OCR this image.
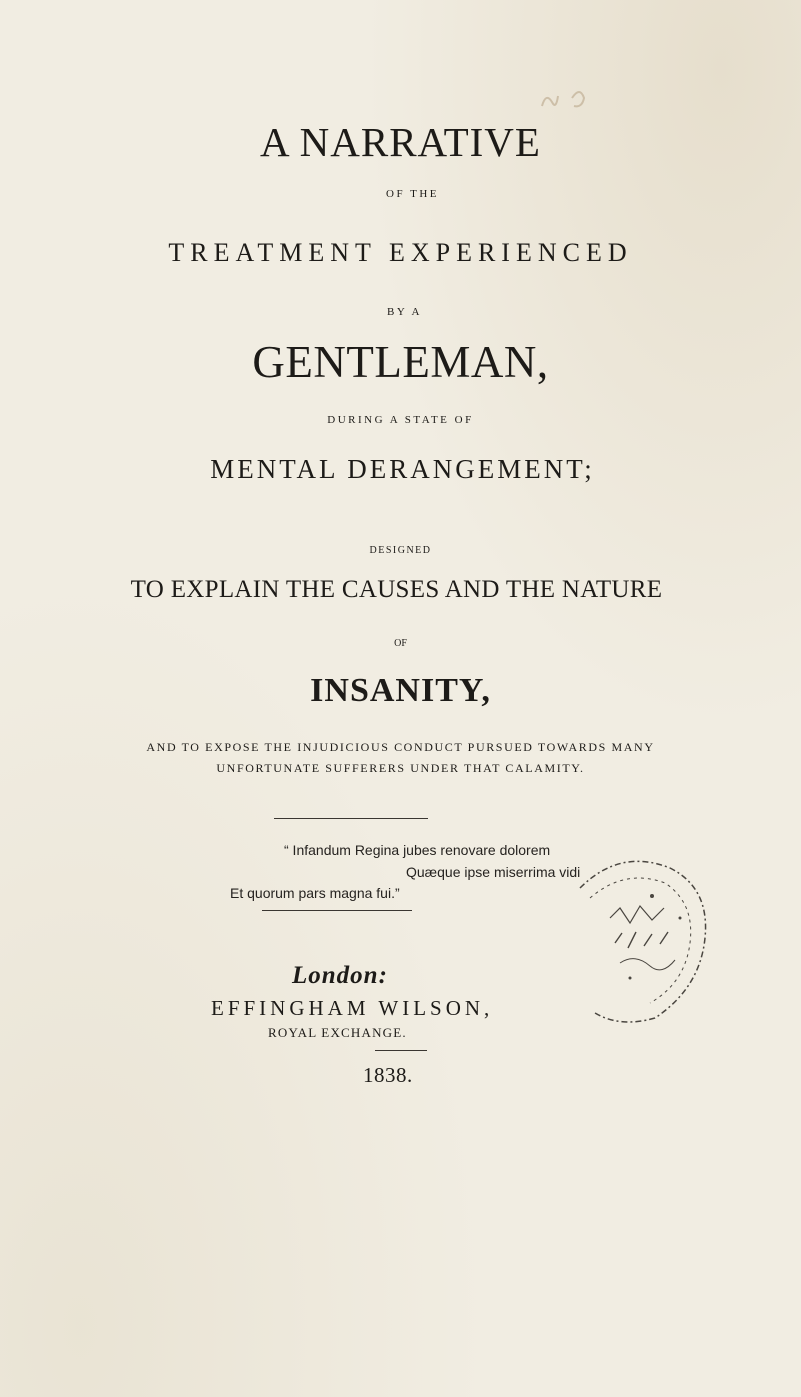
A NARRATIVE
OF THE
TREATMENT EXPERIENCED
BY A
GENTLEMAN,
DURING A STATE OF
MENTAL DERANGEMENT;
DESIGNED
TO EXPLAIN THE CAUSES AND THE NATURE
OF
INSANITY,
AND TO EXPOSE THE INJUDICIOUS CONDUCT PURSUED TOWARDS MANY
UNFORTUNATE SUFFERERS UNDER THAT CALAMITY.
“ Infandum Regina jubes renovare dolorem
Quæque ipse miserrima vidi
Et quorum pars magna fui.”
London:
EFFINGHAM WILSON,
ROYAL EXCHANGE.
1838.
